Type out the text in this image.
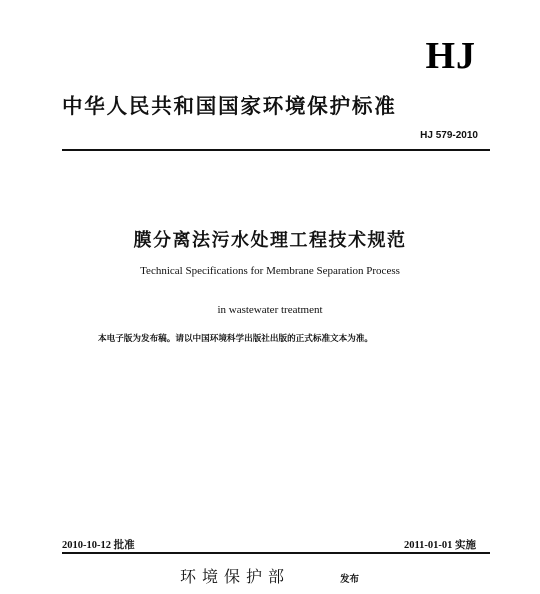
HJ
中华人民共和国国家环境保护标准
HJ 579-2010
膜分离法污水处理工程技术规范
Technical Specifications for Membrane Separation Process
in wastewater treatment
本电子版为发布稿。请以中国环境科学出版社出版的正式标准文本为准。
2010-10-12 批准	2011-01-01 实施
环境保护部	发布
